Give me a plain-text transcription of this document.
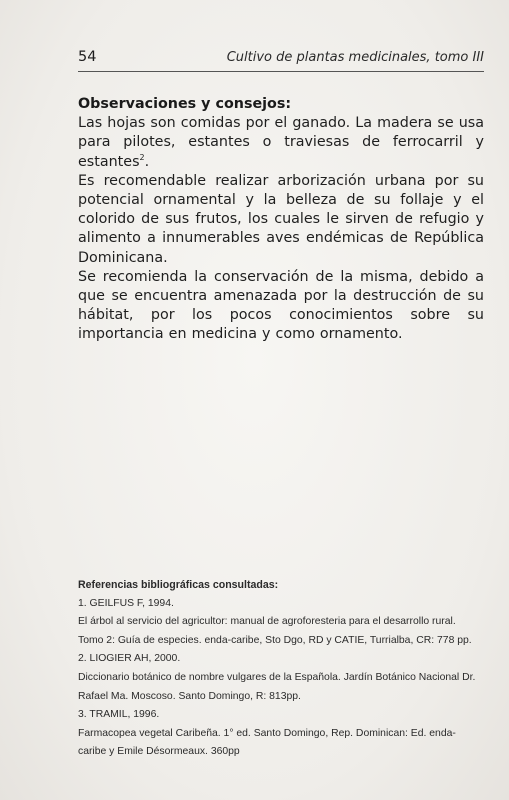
54	Cultivo de plantas medicinales, tomo III
Observaciones y consejos:

Las hojas son comidas por el ganado. La madera se usa para pilotes, estantes o traviesas de ferrocarril y estantes$^2$.

Es recomendable realizar arborización urbana por su potencial ornamental y la belleza de su follaje y el colorido de sus frutos, los cuales le sirven de refugio y alimento a innumerables aves endémicas de República Dominicana.

Se recomienda la conservación de la misma, debido a que se encuentra amenazada por la destrucción de su hábitat, por los pocos conocimientos sobre su importancia en medicina y como ornamento.

Referencias bibliográficas consultadas:
1. GEILFUS F, 1994.
El árbol al servicio del agricultor: manual de agroforesteria para el desarrollo rural.
Tomo 2: Guía de especies. enda-caribe, Sto Dgo, RD y CATIE, Turrialba, CR: 778 pp.
2. LIOGIER AH, 2000.
Diccionario botánico de nombre vulgares de la Española. Jardín Botánico Nacional Dr.
Rafael Ma. Moscoso. Santo Domingo, R: 813pp.
3. TRAMIL, 1996.
Farmacopea vegetal Caribeña. 1° ed. Santo Domingo, Rep. Dominican: Ed. enda-
caribe y Emile Désormeaux. 360pp
